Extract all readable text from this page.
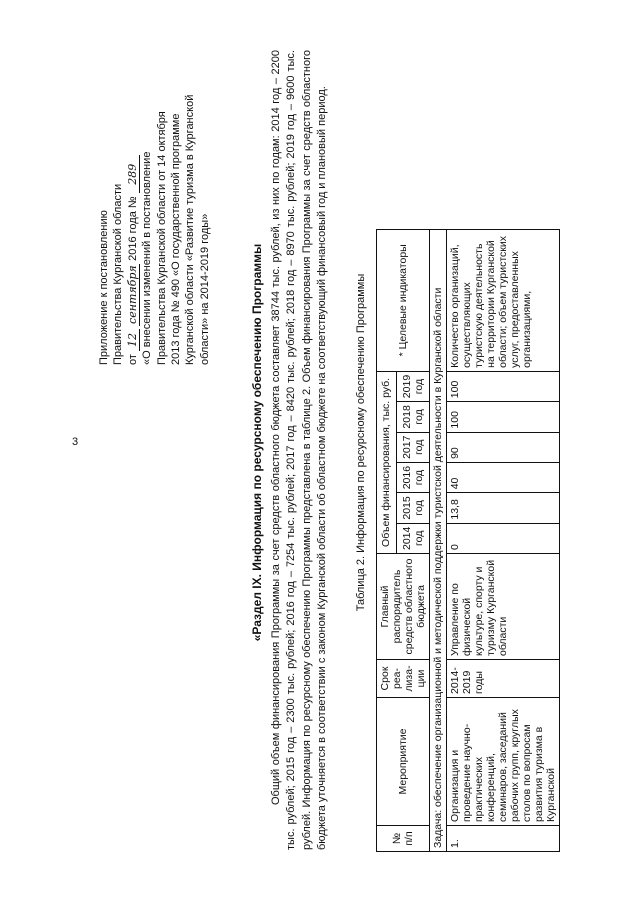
3
Приложение к постановлению Правительства Курганской области от 12 сентября 2016 года № 289 «О внесении изменений в постановление Правительства Курганской области от 14 октября 2013 года № 490 «О государственной программе Курганской области «Развитие туризма в Курганской области» на 2014-2019 годы»	«Раздел IX. Информация по ресурсному обеспечению Программы Общий объем финансирования Программы за счет средств областного бюджета составляет 38744 тыс. рублей, из них по годам: 2014 год – 2200 тыс. рублей; 2015 год – 2300 тыс. рублей; 2016 год – 7254 тыс. рублей; 2017 год – 8420 тыс. рублей; 2018 год – 8970 тыс. рублей; 2019 год – 9600 тыс. рублей. Информация по ресурсному обеспечению Программы представлена в таблице 2. Объем финансирования Программы за счет средств областного бюджета уточняется в соответствии с законом Курганской области об областном бюджете на соответствующий финансовый год и плановый период. Таблица 2. Информация по ресурсному обеспечению Программы
№ п/п	Мероприятие	Срок реа-лиза-ции	Главный распорядитель средств областного бюджета	Объем финансирования, тыс. руб.						* Целевые индикаторы
				2014 год	2015 год	2016 год	2017 год	2018 год	2019 год	
Задача: обеспечение организационной и методической поддержки туристской деятельности в Курганской области										
1.	Организация и проведение научно-практических конференций, семинаров, заседаний рабочих групп, круглых столов по вопросам развития туризма в Курганской	2014-2019 годы	Управление по физической культуре, спорту и туризму Курганской области	0	13,8	40	90	100	100	Количество организаций, осуществляющих туристскую деятельность на территории Курганской области; объем туристских услуг, предоставленных организациями,
